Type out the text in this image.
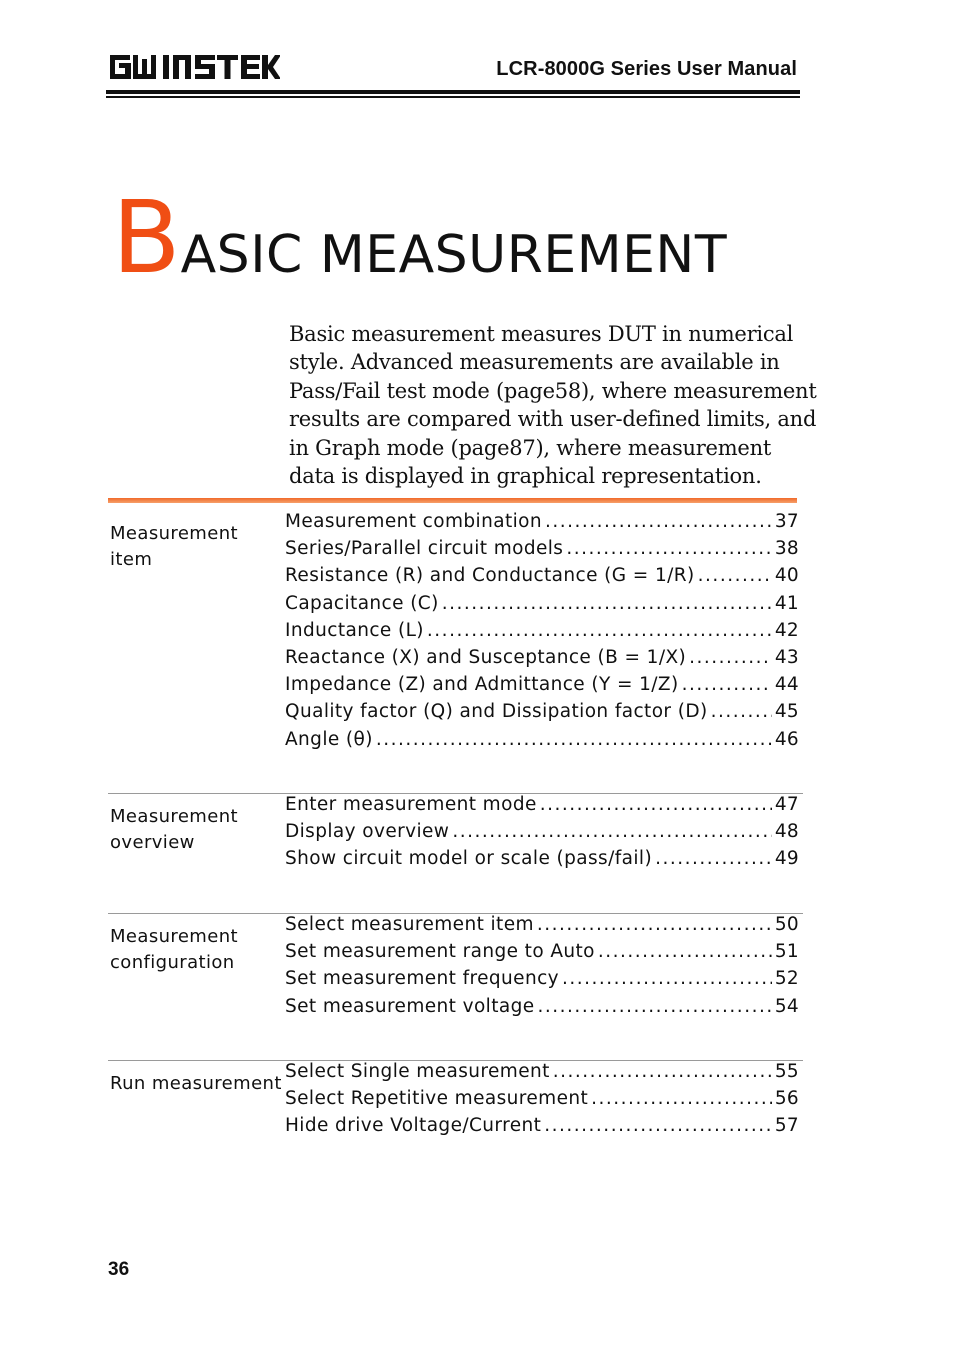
LCR-8000G Series User Manual
BASIC MEASUREMENT
Basic measurement measures DUT in numerical
style. Advanced measurements are available in
Pass/Fail test mode (page58), where measurement
results are compared with user-defined limits, and
in Graph mode (page87), where measurement
data is displayed in graphical representation.
Measurement
item
Measurement combination .....	37
Series/Parallel circuit models .....	38
Resistance (R) and Conductance (G = 1/R) .....	40
Capacitance (C) .....	41
Inductance (L) .....	42
Reactance (X) and Susceptance (B = 1/X) .....	43
Impedance (Z) and Admittance (Y = 1/Z) .....	44
Quality factor (Q) and Dissipation factor (D) .....	45
Angle (θ) .....	46
Measurement
overview
Enter measurement mode .....	47
Display overview .....	48
Show circuit model or scale (pass/fail) .....	49
Measurement
configuration
Select measurement item .....	50
Set measurement range to Auto .....	51
Set measurement frequency .....	52
Set measurement voltage .....	54
Run measurement
Select Single measurement .....	55
Select Repetitive measurement .....	56
Hide drive Voltage/Current .....	57
36
